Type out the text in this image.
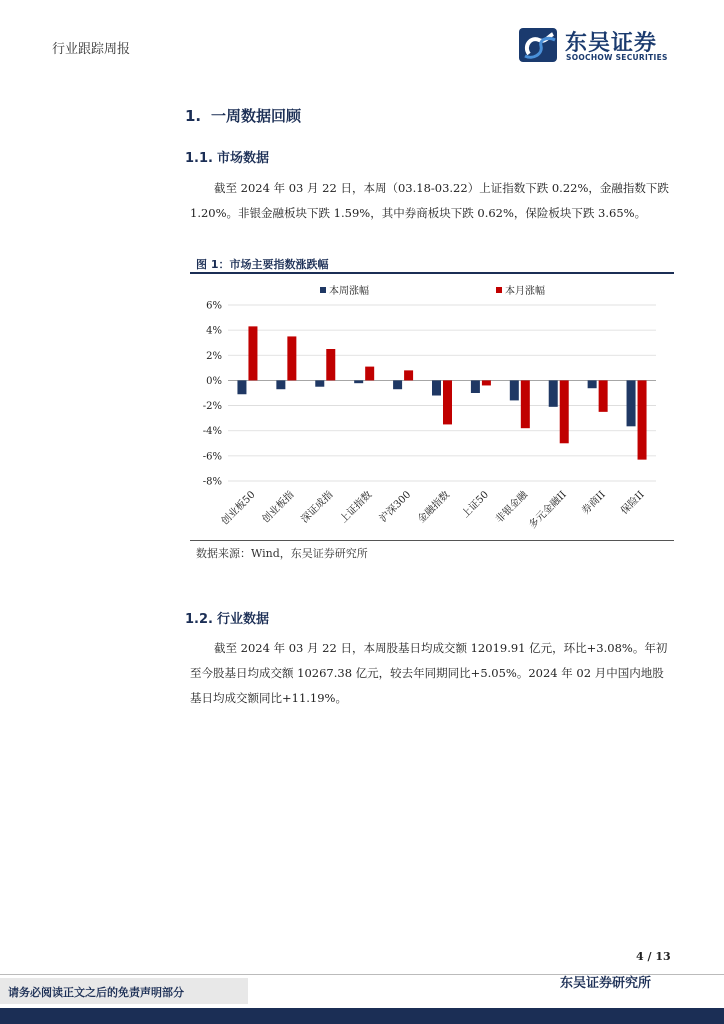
行业跟踪周报	东吴证券
SOOCHOW SECURITIES
1. 一周数据回顾
1.1. 市场数据
截至 2024 年 03 月 22 日，本周（03.18-03.22）上证指数下跌 0.22%，金融指数下跌
1.20%。非银金融板块下跌 1.59%，其中券商板块下跌 0.62%，保险板块下跌 3.65%。
图 1：市场主要指数涨跌幅
6%
4%
2%
0%
-2%
-4%
-6%
-8%
本周涨幅	本月涨幅
创业板50 创业板指 深证成指 上证指数 沪深300 金融指数 上证50 非银金融
多元金融II 券商II 保险II
数据来源：Wind，东吴证券研究所
1.2. 行业数据
截至 2024 年 03 月 22 日，本周股基日均成交额 12019.91 亿元，环比+3.08%。年初
至今股基日均成交额 10267.38 亿元，较去年同期同比+5.05%。2024 年 02 月中国内地股
基日均成交额同比+11.19%。
4 / 13
请务必阅读正文之后的免责声明部分
东吴证券研究所
